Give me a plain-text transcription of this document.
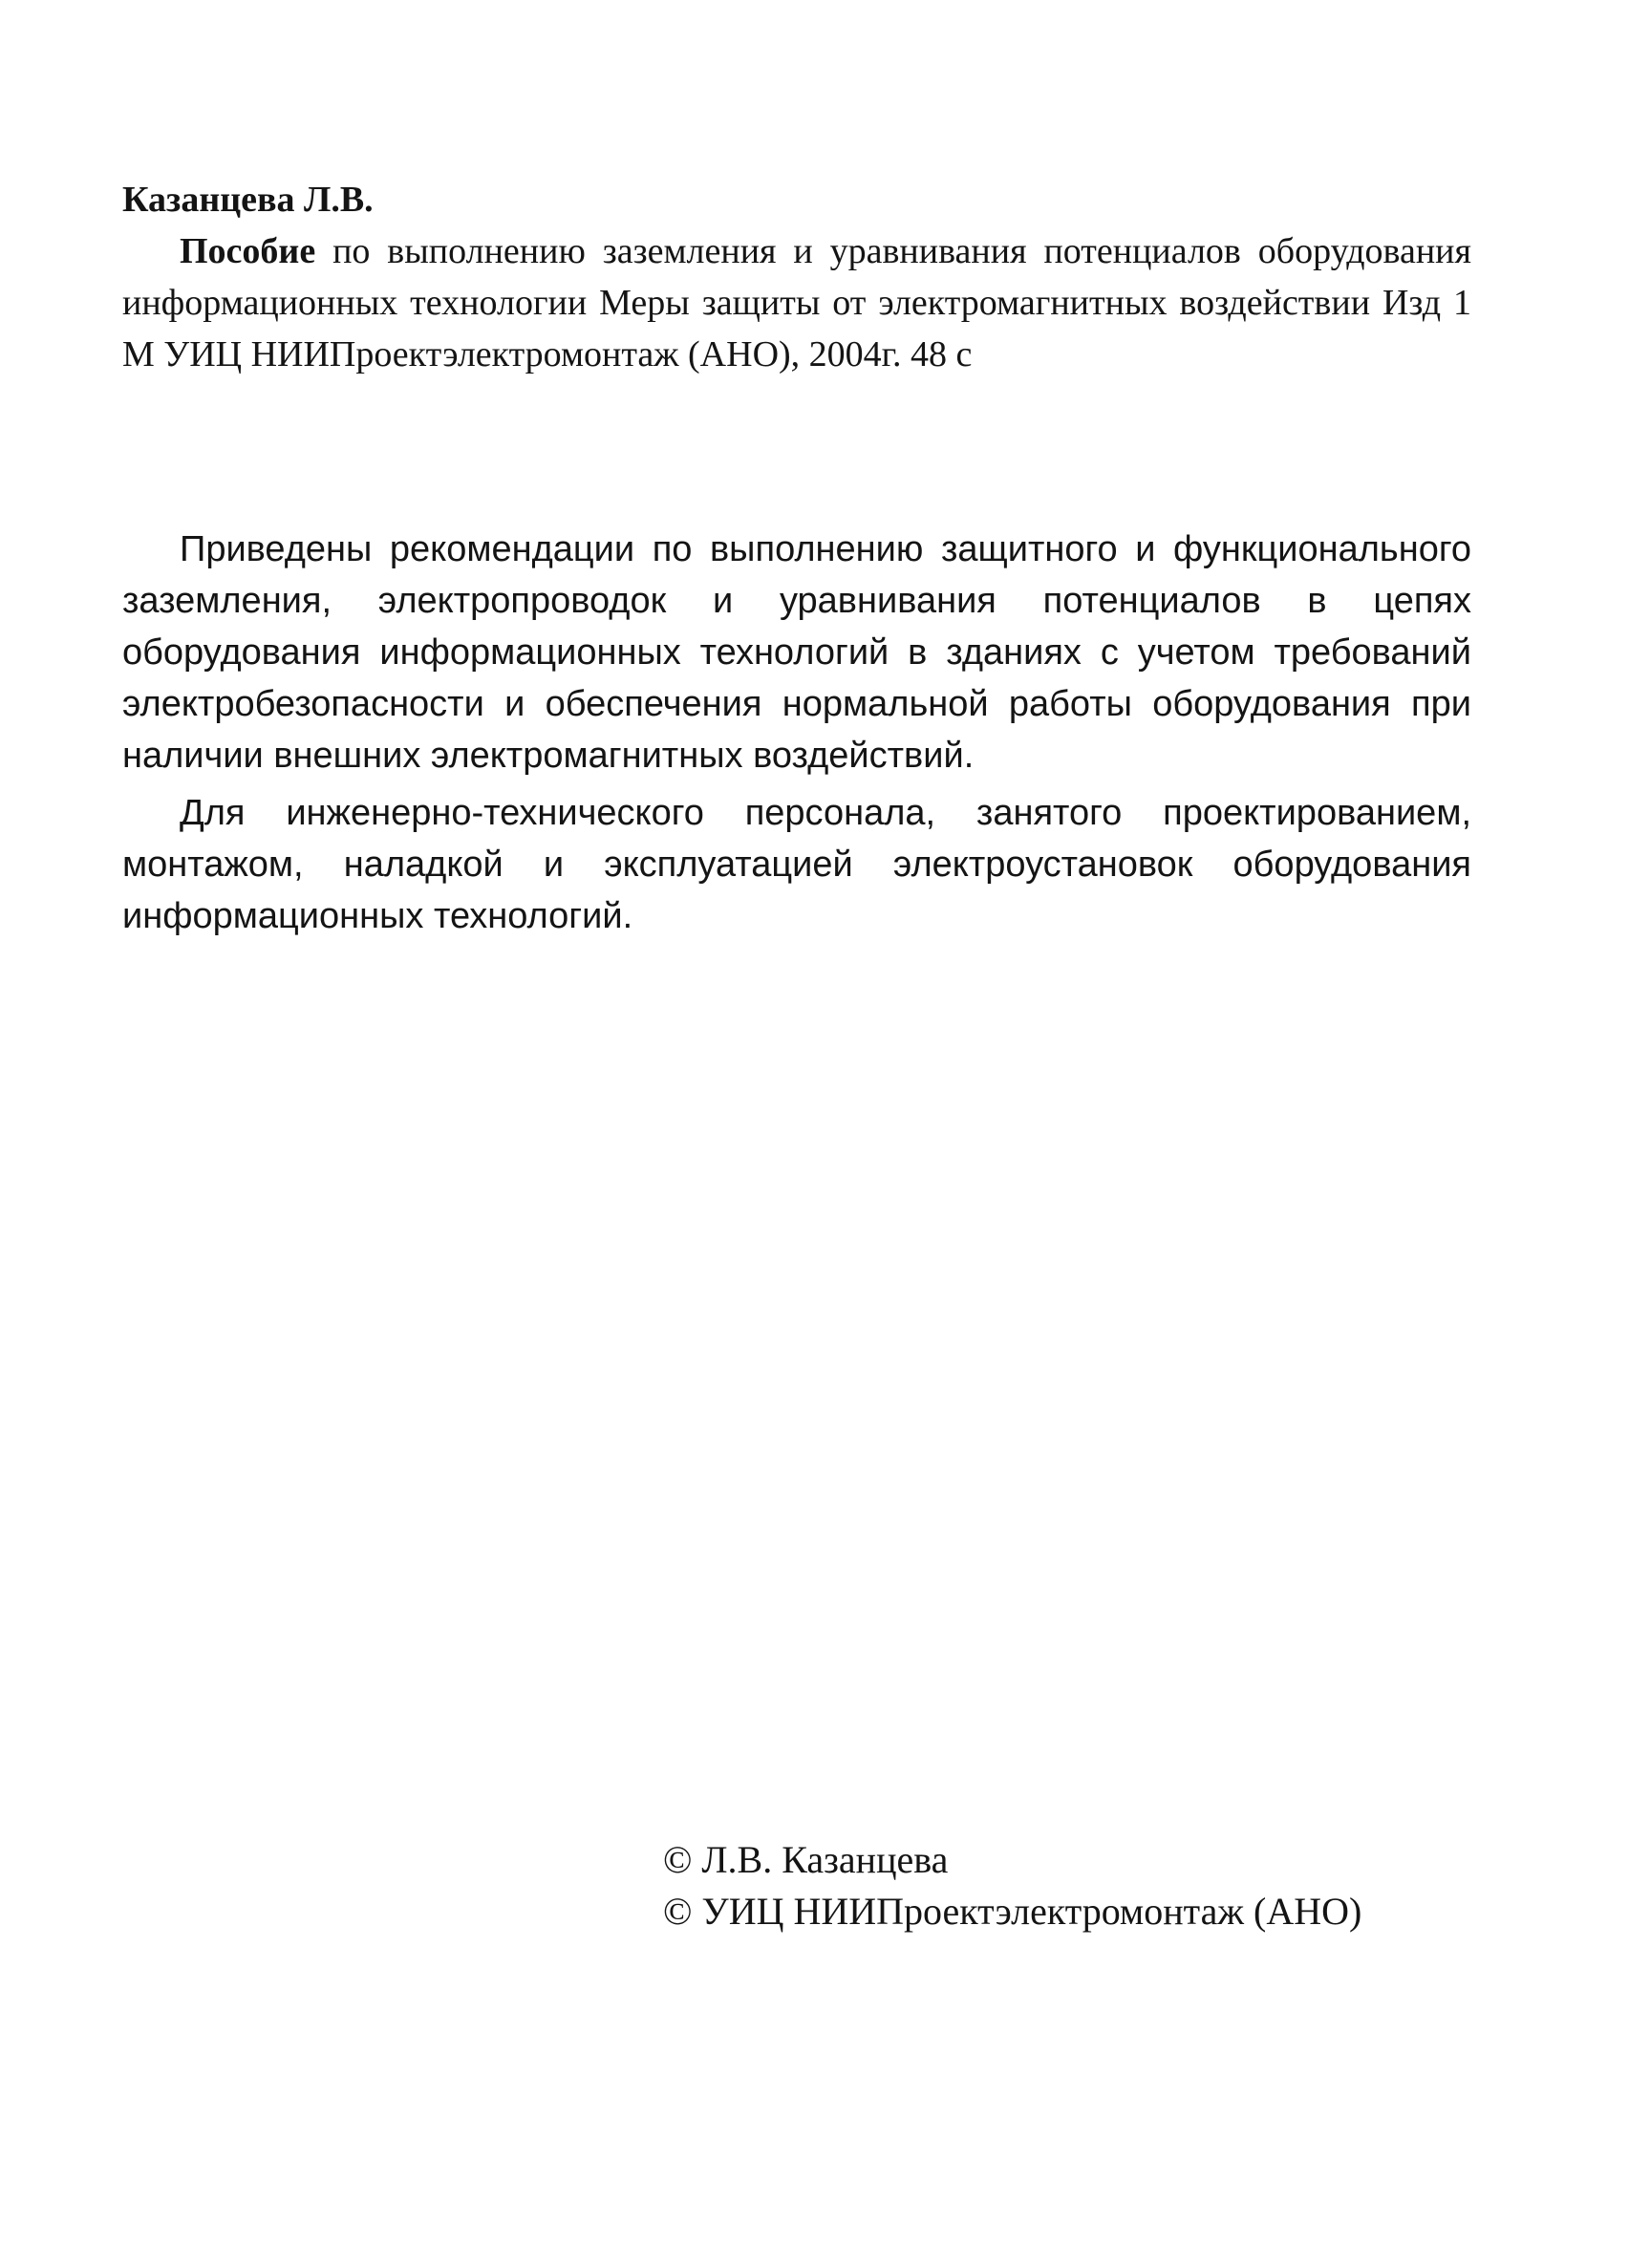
Казанцева Л.В.

Пособие по выполнению заземления и уравнивания потенциалов оборудования информационных технологии Меры защиты от электромагнитных воздействии Изд 1 М УИЦ НИИПроектэлектромонтаж (АНО), 2004г. 48 с

Приведены рекомендации по выполнению защитного и функционального заземления, электропроводок и уравнивания потенциалов в цепях оборудования информационных технологий в зданиях с учетом требований электробезопасности и обеспечения нормальной работы оборудования при наличии внешних электромагнитных воздействий.

Для инженерно-технического персонала, занятого проектированием, монтажом, наладкой и эксплуатацией электроустановок оборудования информационных технологий.

© Л.В. Казанцева
© УИЦ НИИПроектэлектромонтаж (АНО)
